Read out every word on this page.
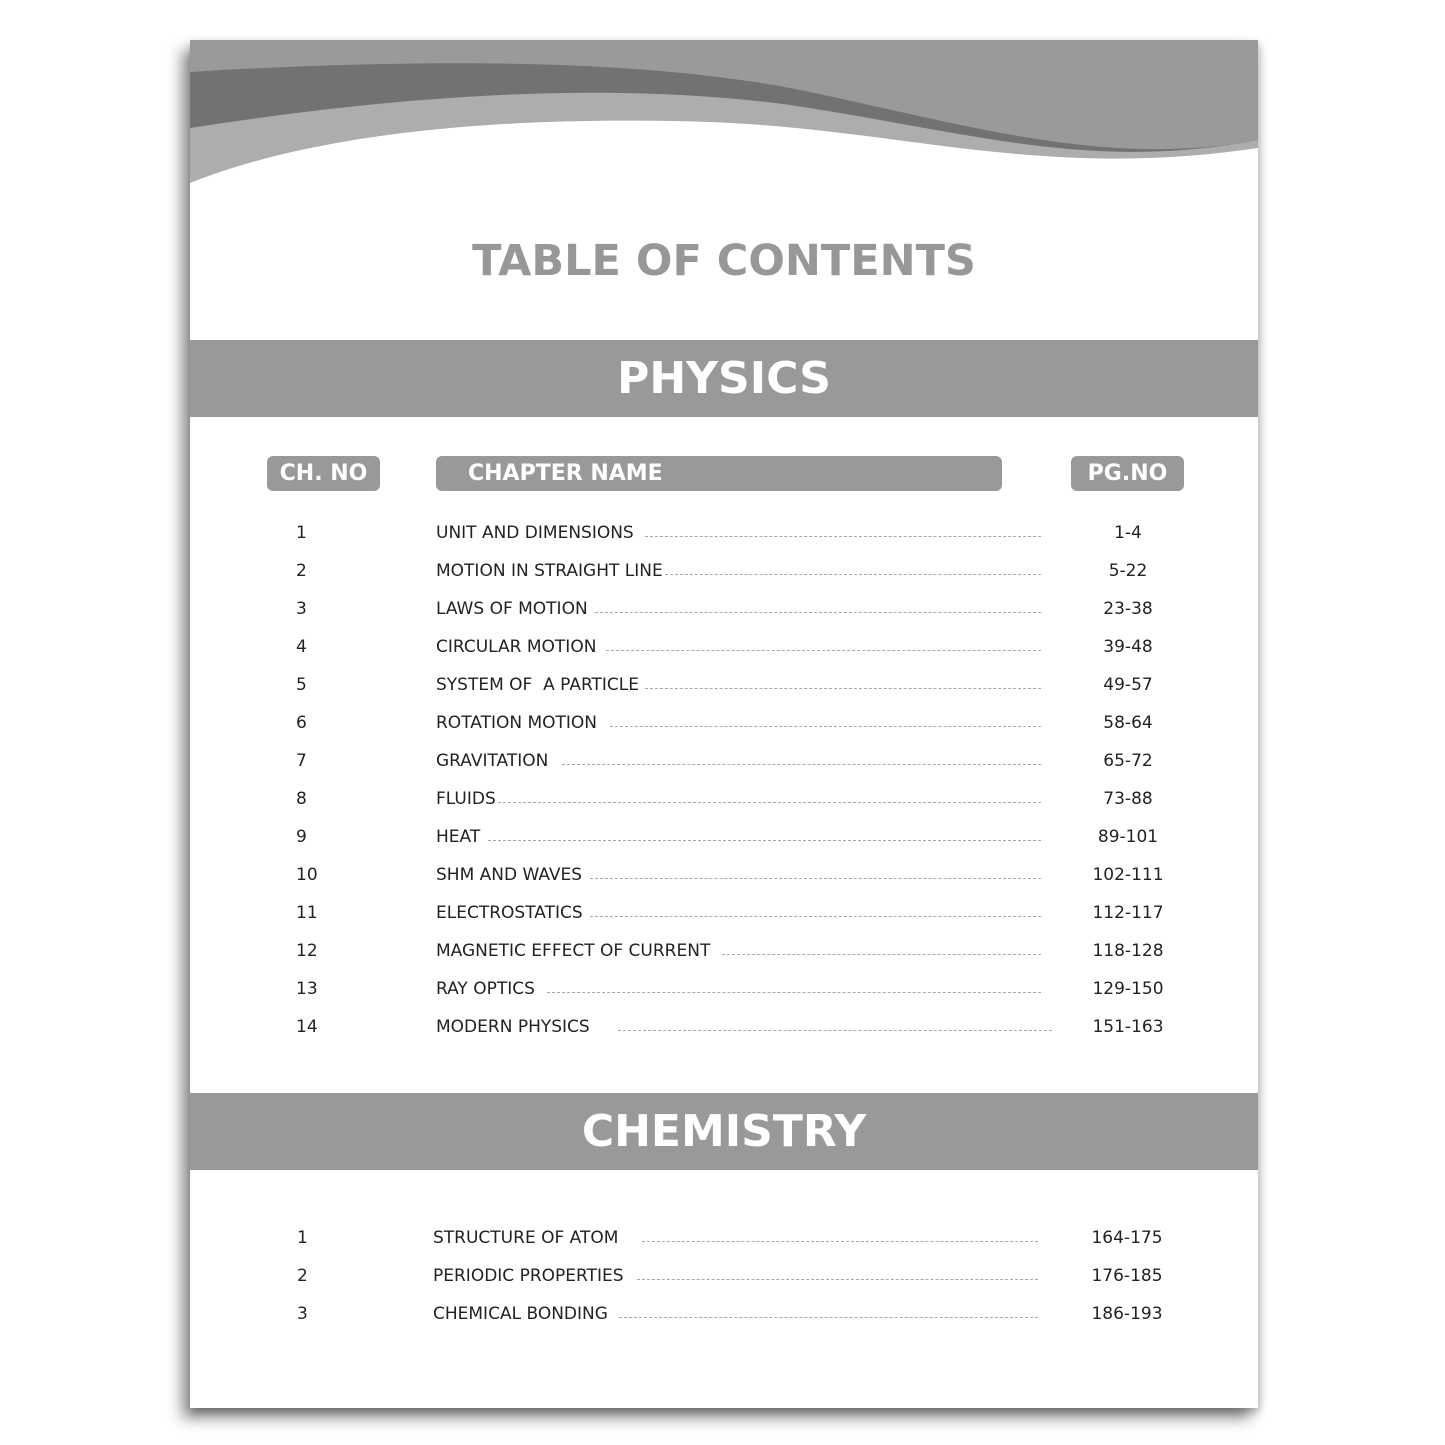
TABLE OF CONTENTS
PHYSICS
CH. NO	CHAPTER NAME	PG.NO
1	UNIT AND DIMENSIONS	1-4
2	MOTION IN STRAIGHT LINE	5-22
3	LAWS OF MOTION	23-38
4	CIRCULAR MOTION	39-48
5	SYSTEM OF  A PARTICLE	49-57
6	ROTATION MOTION	58-64
7	GRAVITATION	65-72
8	FLUIDS	73-88
9	HEAT	89-101
10	SHM AND WAVES	102-111
11	ELECTROSTATICS	112-117
12	MAGNETIC EFFECT OF CURRENT	118-128
13	RAY OPTICS	129-150
14	MODERN PHYSICS	151-163
CHEMISTRY
1	STRUCTURE OF ATOM	164-175
2	PERIODIC PROPERTIES	176-185
3	CHEMICAL BONDING	186-193
